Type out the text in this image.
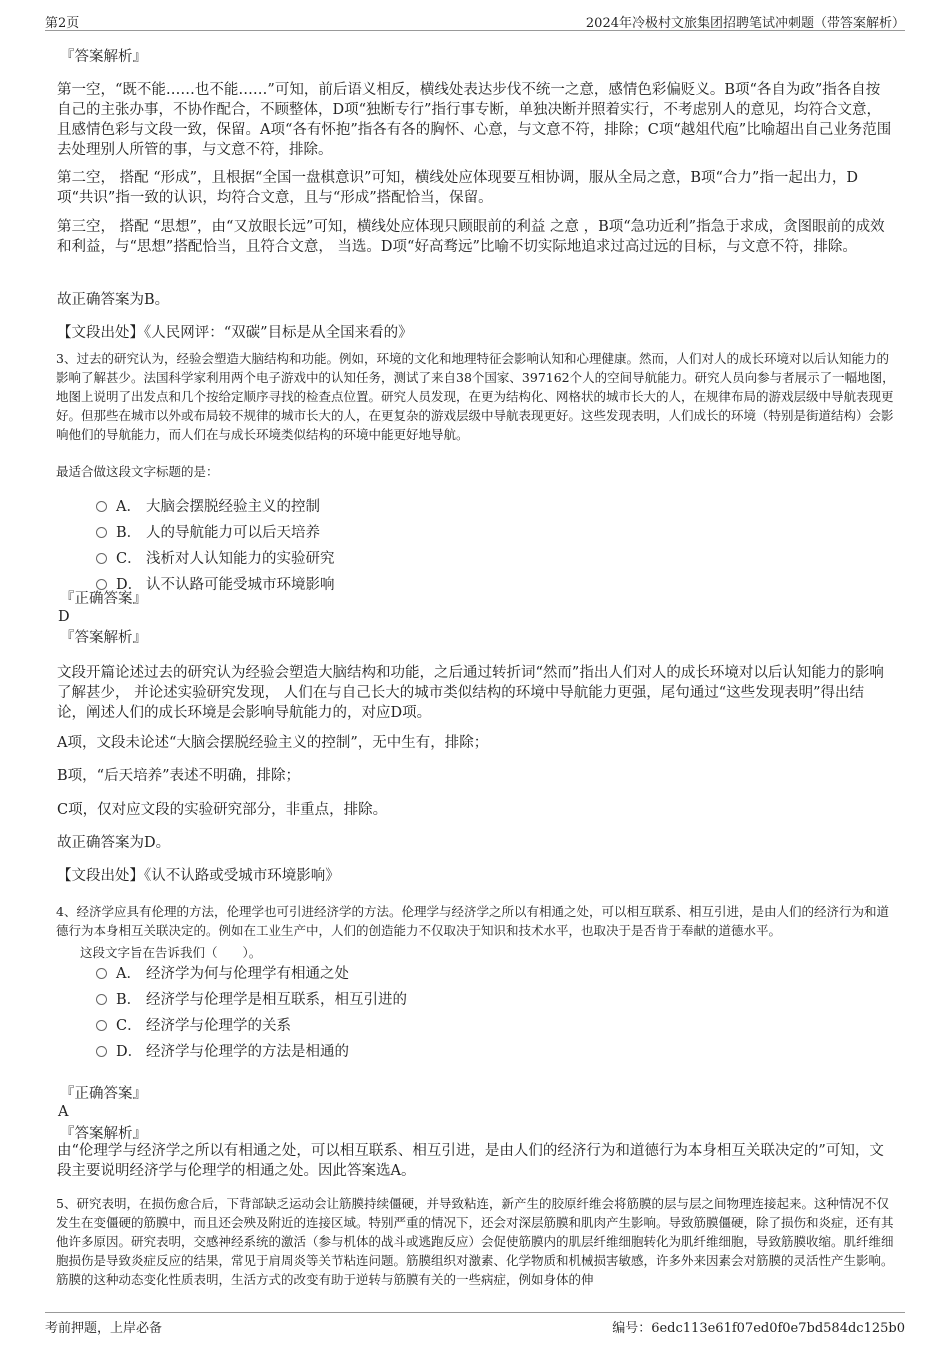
第2页	2024年冷极村文旅集团招聘笔试冲刺题（带答案解析）

『答案解析』

第一空，“既不能……也不能……”可知，前后语义相反，横线处表达步伐不统一之意，感情色彩偏贬义。B项“各自为政”指各自按自己的主张办事，不协作配合，不顾整体，D项“独断专行”指行事专断，单独决断并照着实行，不考虑别人的意见，均符合文意，且感情色彩与文段一致，保留。A项“各有怀抱”指各有各的胸怀、心意，与文意不符，排除；C项“越俎代庖”比喻超出自己业务范围去处理别人所管的事，与文意不符，排除。

第二空， 搭配 “形成”，且根据“全国一盘棋意识”可知，横线处应体现要互相协调，服从全局之意，B项“合力”指一起出力，D项“共识”指一致的认识，均符合文意，且与“形成”搭配恰当，保留。

第三空， 搭配 “思想”，由“又放眼长远”可知，横线处应体现只顾眼前的利益 之意 ，B项“急功近利”指急于求成，贪图眼前的成效和利益，与“思想”搭配恰当，且符合文意， 当选。D项“好高骛远”比喻不切实际地追求过高过远的目标，与文意不符，排除。

故正确答案为B。

【文段出处】《人民网评：“双碳”目标是从全国来看的》

3、过去的研究认为，经验会塑造大脑结构和功能。例如，环境的文化和地理特征会影响认知和心理健康。然而，人们对人的成长环境对以后认知能力的影响了解甚少。法国科学家利用两个电子游戏中的认知任务，测试了来自38个国家、397162个人的空间导航能力。研究人员向参与者展示了一幅地图，地图上说明了出发点和几个按给定顺序寻找的检查点位置。研究人员发现，在更为结构化、网格状的城市长大的人，在规律布局的游戏层级中导航表现更好。但那些在城市以外或布局较不规律的城市长大的人，在更复杂的游戏层级中导航表现更好。这些发现表明，人们成长的环境（特别是街道结构）会影响他们的导航能力，而人们在与成长环境类似结构的环境中能更好地导航。

最适合做这段文字标题的是：

A． 大脑会摆脱经验主义的控制
B． 人的导航能力可以后天培养
C． 浅析对人认知能力的实验研究
D． 认不认路可能受城市环境影响

『正确答案』

D

『答案解析』

文段开篇论述过去的研究认为经验会塑造大脑结构和功能，之后通过转折词“然而”指出人们对人的成长环境对以后认知能力的影响了解甚少， 并论述实验研究发现， 人们在与自己长大的城市类似结构的环境中导航能力更强，尾句通过“这些发现表明”得出结论，阐述人们的成长环境是会影响导航能力的，对应D项。

A项，文段未论述“大脑会摆脱经验主义的控制”，无中生有，排除；

B项，“后天培养”表述不明确，排除；

C项，仅对应文段的实验研究部分，非重点，排除。

故正确答案为D。

【文段出处】《认不认路或受城市环境影响》

4、经济学应具有伦理的方法，伦理学也可引进经济学的方法。伦理学与经济学之所以有相通之处，可以相互联系、相互引进，是由人们的经济行为和道德行为本身相互关联决定的。例如在工业生产中，人们的创造能力不仅取决于知识和技术水平，也取决于是否肯于奉献的道德水平。

这段文字旨在告诉我们（　　）。

A． 经济学为何与伦理学有相通之处
B． 经济学与伦理学是相互联系，相互引进的
C． 经济学与伦理学的关系
D． 经济学与伦理学的方法是相通的

『正确答案』

A

『答案解析』

由“伦理学与经济学之所以有相通之处，可以相互联系、相互引进，是由人们的经济行为和道德行为本身相互关联决定的”可知，文段主要说明经济学与伦理学的相通之处。因此答案选A。

5、研究表明，在损伤愈合后，下背部缺乏运动会让筋膜持续僵硬，并导致粘连，新产生的胶原纤维会将筋膜的层与层之间物理连接起来。这种情况不仅发生在变僵硬的筋膜中，而且还会殃及附近的连接区域。特别严重的情况下，还会对深层筋膜和肌肉产生影响。导致筋膜僵硬，除了损伤和炎症，还有其他许多原因。研究表明，交感神经系统的激活（参与机体的战斗或逃跑反应）会促使筋膜内的肌层纤维细胞转化为肌纤维细胞，导致筋膜收缩。肌纤维细胞损伤是导致炎症反应的结果，常见于肩周炎等关节粘连问题。筋膜组织对激素、化学物质和机械损害敏感，许多外来因素会对筋膜的灵活性产生影响。筋膜的这种动态变化性质表明，生活方式的改变有助于逆转与筋膜有关的一些病症，例如身体的伸

考前押题，上岸必备	编号：6edc113e61f07ed0f0e7bd584dc125b0
